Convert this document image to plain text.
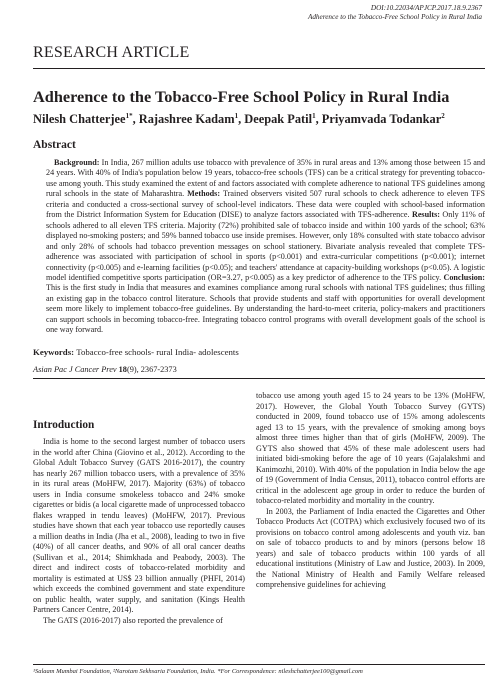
DOI:10.22034/APJCP.2017.18.9.2367
Adherence to the Tobacco-Free School Policy in Rural India
RESEARCH ARTICLE
Adherence to the Tobacco-Free School Policy in Rural India
Nilesh Chatterjee$^{1*}$, Rajashree Kadam$^1$, Deepak Patil$^1$, Priyamvada Todankar$^2$
Abstract

Background: In India, 267 million adults use tobacco with prevalence of 35% in rural areas and 13% among those between 15 and 24 years. With 40% of India's population below 19 years, tobacco-free schools (TFS) can be a critical strategy for preventing tobacco-use among youth. This study examined the extent of and factors associated with complete adherence to national TFS guidelines among rural schools in the state of Maharashtra. Methods: Trained observers visited 507 rural schools to check adherence to eleven TFS criteria and conducted a cross-sectional survey of school-level indicators. These data were coupled with school-based information from the District Information System for Education (DISE) to analyze factors associated with TFS-adherence. Results: Only 11% of schools adhered to all eleven TFS criteria. Majority (72%) prohibited sale of tobacco inside and within 100 yards of the school; 63% displayed no-smoking posters; and 59% banned tobacco use inside premises. However, only 18% consulted with state tobacco advisor and only 28% of schools had tobacco prevention messages on school stationery. Bivariate analysis revealed that complete TFS-adherence was associated with participation of school in sports (p<0.001) and extra-curricular competitions (p<0.001); internet connectivity (p<0.005) and e-learning facilities (p<0.05); and teachers' attendance at capacity-building workshops (p<0.05). A logistic model identified competitive sports participation (OR=3.27, p<0.005) as a key predictor of adherence to the TFS policy. Conclusion: This is the first study in India that measures and examines compliance among rural schools with national TFS guidelines; thus filling an existing gap in the tobacco control literature. Schools that provide students and staff with opportunities for overall development seem more likely to implement tobacco-free guidelines. By understanding the hard-to-meet criteria, policy-makers and practitioners can support schools in becoming tobacco-free. Integrating tobacco control programs with overall development goals of the school is one way forward.

Keywords: Tobacco-free schools- rural India- adolescents
Asian Pac J Cancer Prev 18(9), 2367-2373
Introduction

India is home to the second largest number of tobacco users in the world after China (Giovino et al., 2012). According to the Global Adult Tobacco Survey (GATS 2016-2017), the country has nearly 267 million tobacco users, with a prevalence of 35% in its rural areas (MoHFW, 2017). Majority (63%) of tobacco users in India consume smokeless tobacco and 24% smoke cigarettes or bidis (a local cigarette made of unprocessed tobacco flakes wrapped in tendu leaves) (MoHFW, 2017). Previous studies have shown that each year tobacco use reportedly causes a million deaths in India (Jha et al., 2008), leading to two in five (40%) of all cancer deaths, and 90% of all oral cancer deaths (Sullivan et al., 2014; Shimkhada and Peabody, 2003). The direct and indirect costs of tobacco-related morbidity and mortality is estimated at US$ 23 billion annually (PHFI, 2014) which exceeds the combined government and state expenditure on public health, water supply, and sanitation (Kings Health Partners Cancer Centre, 2014).

The GATS (2016-2017) also reported the prevalence of

tobacco use among youth aged 15 to 24 years to be 13% (MoHFW, 2017). However, the Global Youth Tobacco Survey (GYTS) conducted in 2009, found tobacco use of 15% among adolescents aged 13 to 15 years, with the prevalence of smoking among boys almost three times higher than that of girls (MoHFW, 2009). The GYTS also showed that 45% of these male adolescent users had initiated bidi-smoking before the age of 10 years (Gajalakshmi and Kanimozhi, 2010). With 40% of the population in India below the age of 19 (Government of India Census, 2011), tobacco control efforts are critical in the adolescent age group in order to reduce the burden of tobacco-related morbidity and mortality in the country.

In 2003, the Parliament of India enacted the Cigarettes and Other Tobacco Products Act (COTPA) which exclusively focused two of its provisions on tobacco control among adolescents and youth viz. ban on sale of tobacco products to and by minors (persons below 18 years) and sale of tobacco products within 100 yards of all educational institutions (Ministry of Law and Justice, 2003). In 2009, the National Ministry of Health and Family Welfare released comprehensive guidelines for achieving

¹Salaam Mumbai Foundation, ²Narotam Sekhsaria Foundation, India. *For Correspondence: nileshchatterjee100@gmail.com
